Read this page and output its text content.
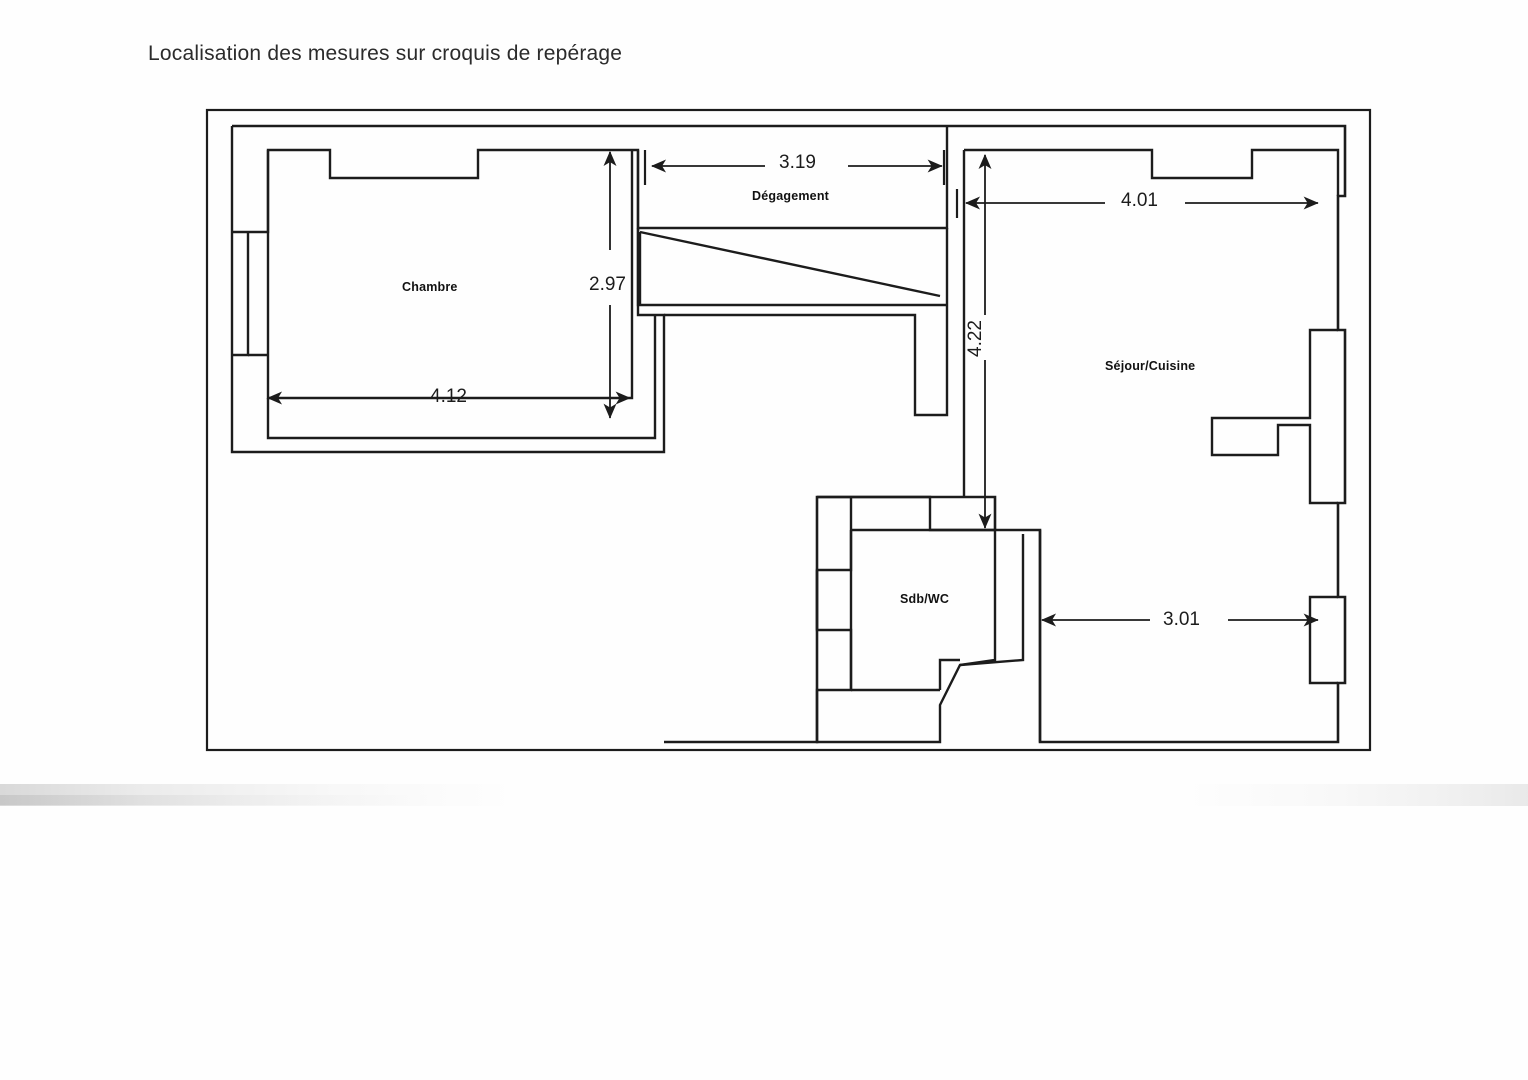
Localisation des mesures sur croquis de repérage
3.19
4.01
2.97
4.12
4.22
3.01
Chambre
Dégagement
Séjour/Cuisine
Sdb/WC
